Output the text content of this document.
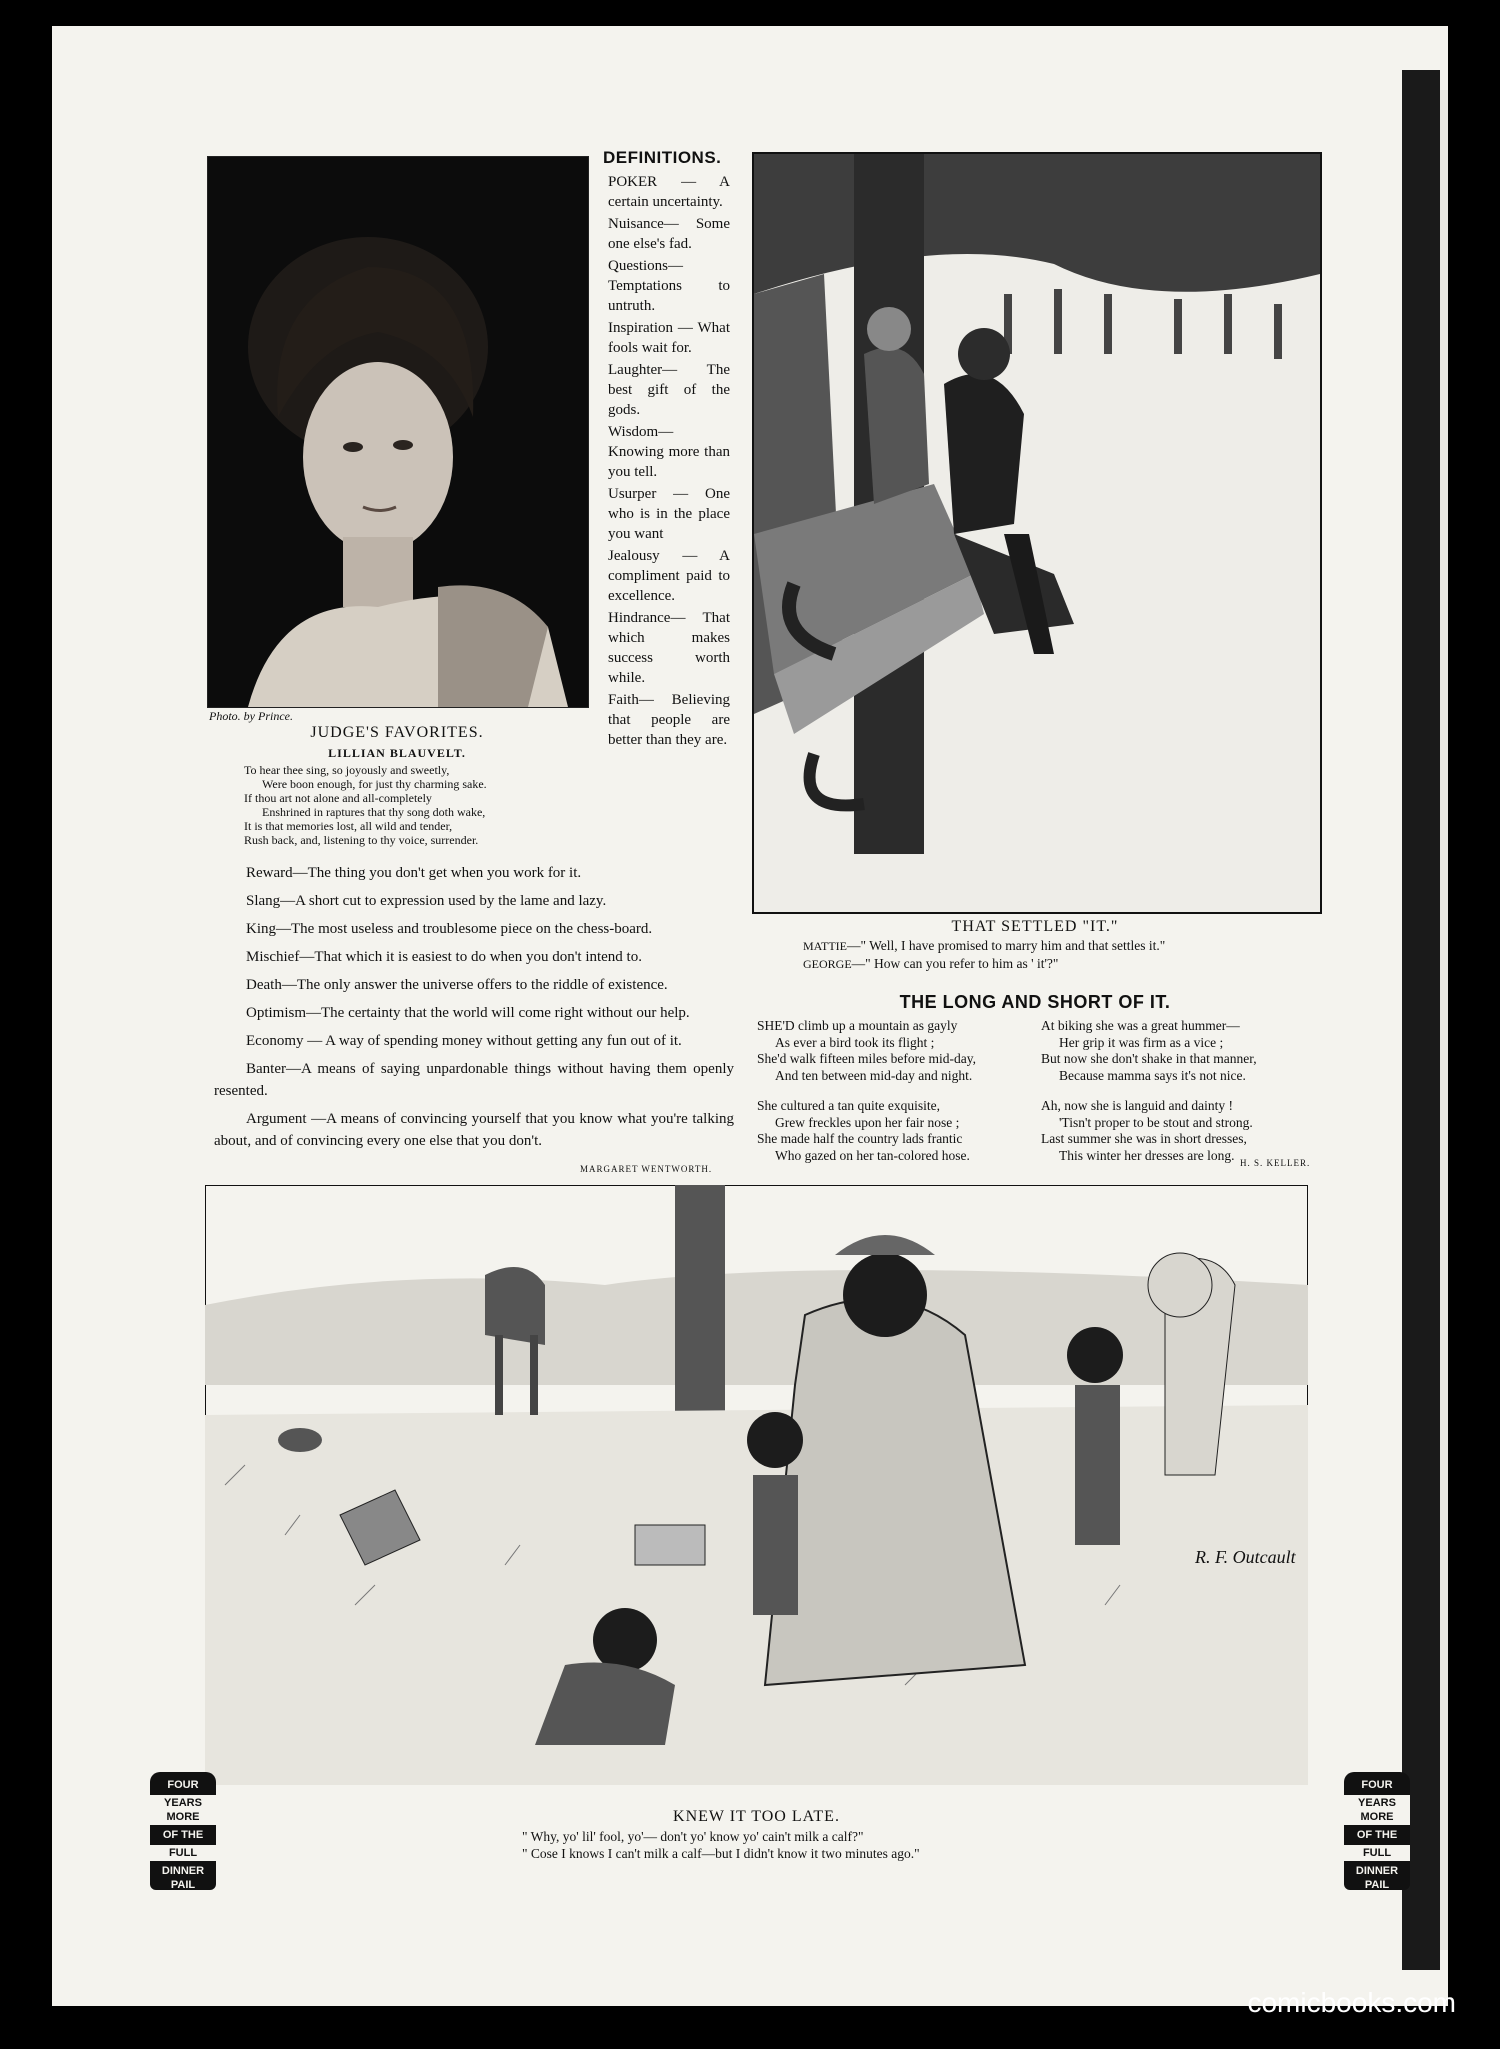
Photo. by Prince.
JUDGE'S FAVORITES.
LILLIAN BLAUVELT.
To hear thee sing, so joyously and sweetly,
Were boon enough, for just thy charming sake.
If thou art not alone and all-completely
Enshrined in raptures that thy song doth wake,
It is that memories lost, all wild and tender,
Rush back, and, listening to thy voice, surrender.
DEFINITIONS.

POKER — A certain uncertainty.

Nuisance— Some one else's fad.

Questions— Temptations to untruth.

Inspiration — What fools wait for.

Laughter— The best gift of the gods.

Wisdom— Knowing more than you tell.

Usurper — One who is in the place you want

Jealousy — A compliment paid to excellence.

Hindrance— That which makes success worth while.

Faith— Believing that people are better than they are.

Reward—The thing you don't get when you work for it.

Slang—A short cut to expression used by the lame and lazy.

King—The most useless and troublesome piece on the chess-board.

Mischief—That which it is easiest to do when you don't intend to.

Death—The only answer the universe offers to the riddle of existence.

Optimism—The certainty that the world will come right without our help.

Economy — A way of spending money without getting any fun out of it.

Banter—A means of saying unpardonable things without having them openly resented.

Argument —A means of convincing yourself that you know what you're talking about, and of convincing every one else that you don't.

MARGARET WENTWORTH.
THAT SETTLED "IT."
MATTIE—" Well, I have promised to marry him and that settles it."
GEORGE—" How can you refer to him as ' it'?"
THE LONG AND SHORT OF IT.
SHE'D climb up a mountain as gayly
As ever a bird took its flight ;
She'd walk fifteen miles before mid-day,
And ten between mid-day and night.
She cultured a tan quite exquisite,
Grew freckles upon her fair nose ;
She made half the country lads frantic
Who gazed on her tan-colored hose.
At biking she was a great hummer—
Her grip it was firm as a vice ;
But now she don't shake in that manner,
Because mamma says it's not nice.
Ah, now she is languid and dainty !
'Tisn't proper to be stout and strong.
Last summer she was in short dresses,
This winter her dresses are long.
H. S. KELLER.
R. F. Outcault
KNEW IT TOO LATE.
" Why, yo' lil' fool, yo'— don't yo' know yo' cain't milk a calf?"
" Cose I knows I can't milk a calf—but I didn't know it two minutes ago."
FOUR
YEARS MORE
OF THE
FULL
DINNER
PAIL
FOUR
YEARS MORE
OF THE
FULL
DINNER
PAIL
comicbooks.com
